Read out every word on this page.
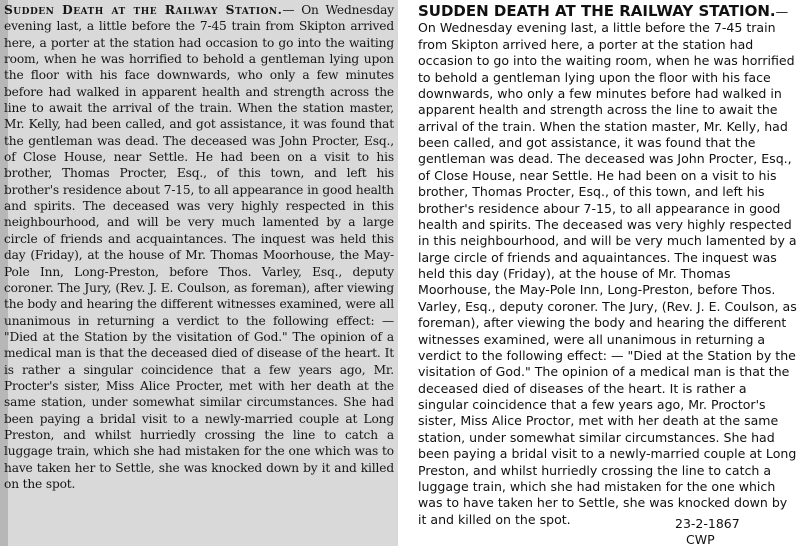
Sudden Death at the Railway Station.— On Wednesday evening last, a little before the 7-45 train from Skipton arrived here, a porter at the station had occasion to go into the waiting room, when he was horrified to behold a gentleman lying upon the floor with his face downwards, who only a few minutes before had walked in apparent health and strength across the line to await the arrival of the train. When the station master, Mr. Kelly, had been called, and got assistance, it was found that the gentleman was dead. The deceased was John Procter, Esq., of Close House, near Settle. He had been on a visit to his brother, Thomas Procter, Esq., of this town, and left his brother's residence about 7-15, to all appearance in good health and spirits. The deceased was very highly respected in this neighbourhood, and will be very much lamented by a large circle of friends and acquaintances. The inquest was held this day (Friday), at the house of Mr. Thomas Moorhouse, the May-Pole Inn, Long-Preston, before Thos. Varley, Esq., deputy coroner. The Jury, (Rev. J. E. Coulson, as foreman), after viewing the body and hearing the different witnesses examined, were all unanimous in returning a verdict to the following effect: — "Died at the Station by the visitation of God." The opinion of a medical man is that the deceased died of disease of the heart. It is rather a singular coincidence that a few years ago, Mr. Procter's sister, Miss Alice Procter, met with her death at the same station, under somewhat similar circumstances. She had been paying a bridal visit to a newly-married couple at Long Preston, and whilst hurriedly crossing the line to catch a luggage train, which she had mistaken for the one which was to have taken her to Settle, she was knocked down by it and killed on the spot.
SUDDEN DEATH AT THE RAILWAY STATION.—On Wednesday evening last, a little before the 7-45 train from Skipton arrived here, a porter at the station had occasion to go into the waiting room, when he was horrified to behold a gentleman lying upon the floor with his face downwards, who only a few minutes before had walked in apparent health and strength across the line to await the arrival of the train. When the station master, Mr. Kelly, had been called, and got assistance, it was found that the gentleman was dead. The deceased was John Procter, Esq., of Close House, near Settle. He had been on a visit to his brother, Thomas Procter, Esq., of this town, and left his brother's residence abour 7-15, to all appearance in good health and spirits. The deceased was very highly respected in this neighbourhood, and will be very much lamented by a large circle of friends and aquaintances. The inquest was held this day (Friday), at the house of Mr. Thomas Moorhouse, the May-Pole Inn, Long-Preston, before Thos. Varley, Esq., deputy coroner. The Jury, (Rev. J. E. Coulson, as foreman), after viewing the body and hearing the different witnesses examined, were all unanimous in returning a verdict to the following effect: — "Died at the Station by the visitation of God." The opinion of a medical man is that the deceased died of diseases of the heart. It is rather a singular coincidence that a few years ago, Mr. Proctor's sister, Miss Alice Proctor, met with her death at the same station, under somewhat similar circumstances. She had been paying a bridal visit to a newly-married couple at Long Preston, and whilst hurriedly crossing the line to catch a luggage train, which she had mistaken for the one which was to have taken her to Settle, she was knocked down by it and killed on the spot.	23-2-1867
CWP
